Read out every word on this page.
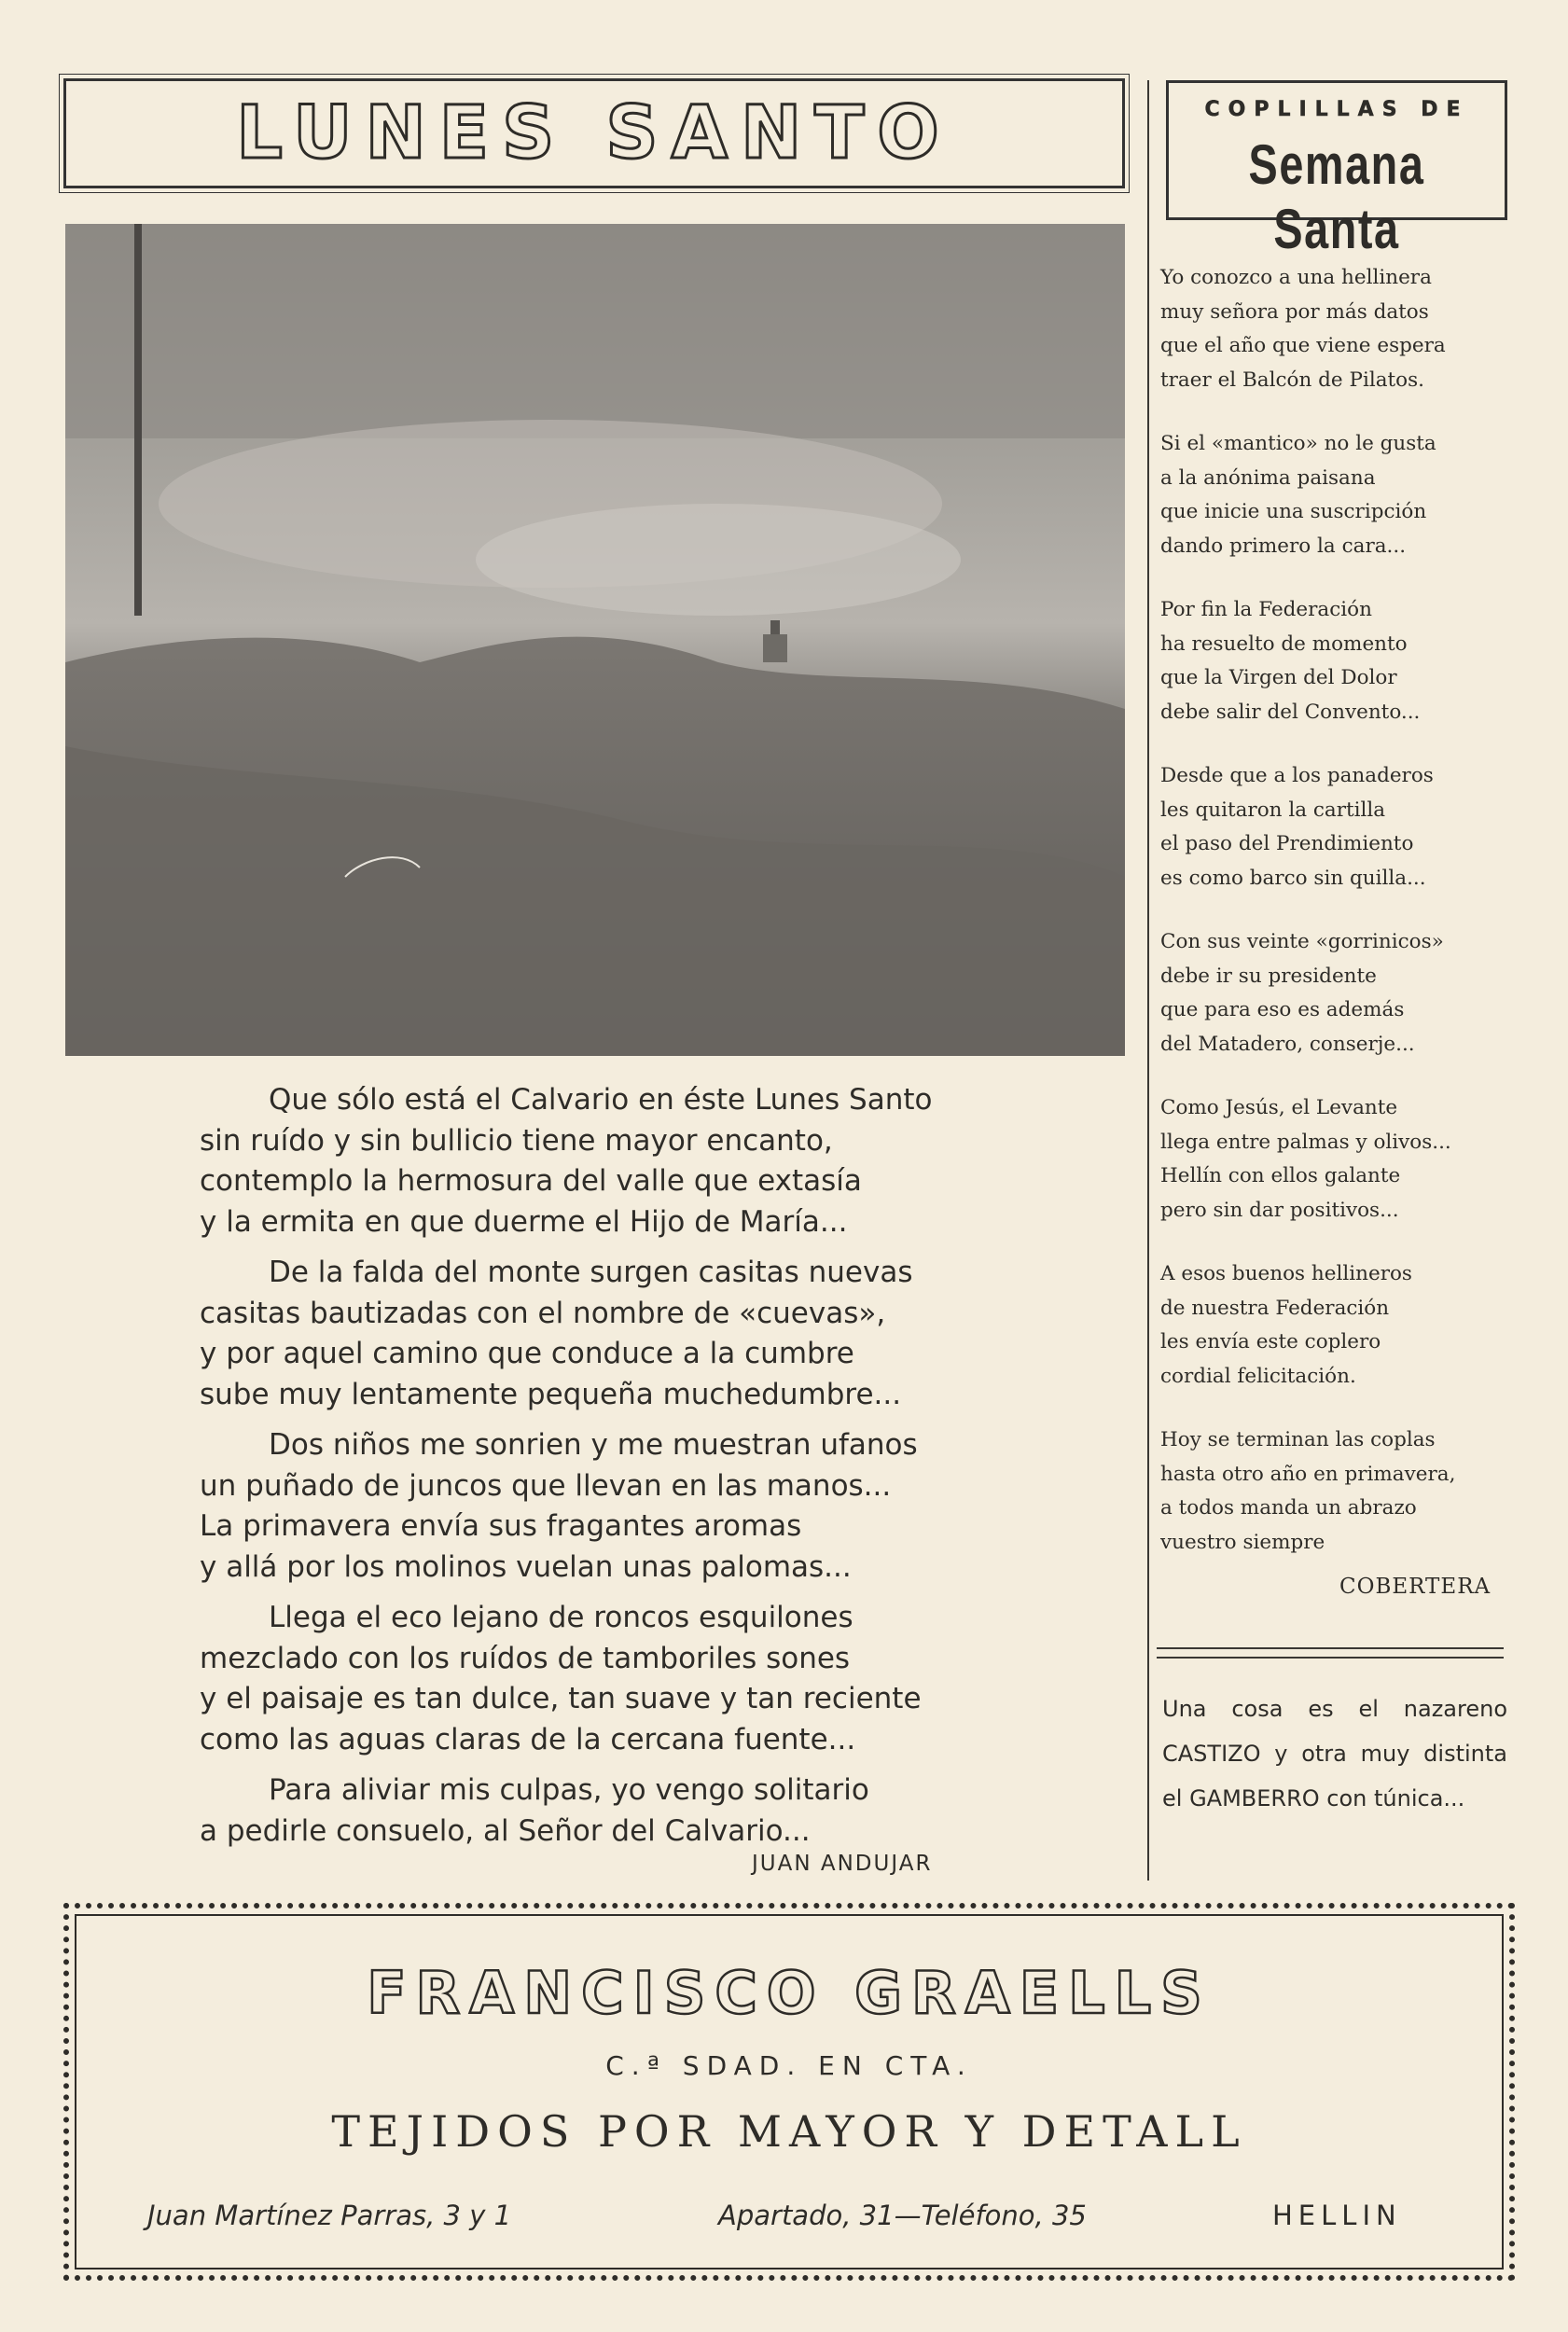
LUNES SANTO	COPLILLAS DE
Semana Santa
Que sólo está el Calvario en éste Lunes Santo
sin ruído y sin bullicio tiene mayor encanto,
contemplo la hermosura del valle que extasía
y la ermita en que duerme el Hijo de María...
De la falda del monte surgen casitas nuevas
casitas bautizadas con el nombre de «cuevas»,
y por aquel camino que conduce a la cumbre
sube muy lentamente pequeña muchedumbre...
Dos niños me sonrien y me muestran ufanos
un puñado de juncos que llevan en las manos...
La primavera envía sus fragantes aromas
y allá por los molinos vuelan unas palomas...
Llega el eco lejano de roncos esquilones
mezclado con los ruídos de tamboriles sones
y el paisaje es tan dulce, tan suave y tan reciente
como las aguas claras de la cercana fuente...
Para aliviar mis culpas, yo vengo solitario
a pedirle consuelo, al Señor del Calvario...
JUAN ANDUJAR
Yo conozco a una hellinera
muy señora por más datos
que el año que viene espera
traer el Balcón de Pilatos.
Si el «mantico» no le gusta
a la anónima paisana
que inicie una suscripción
dando primero la cara...
Por fin la Federación
ha resuelto de momento
que la Virgen del Dolor
debe salir del Convento...
Desde que a los panaderos
les quitaron la cartilla
el paso del Prendimiento
es como barco sin quilla...
Con sus veinte «gorrinicos»
debe ir su presidente
que para eso es además
del Matadero, conserje...
Como Jesús, el Levante
llega entre palmas y olivos...
Hellín con ellos galante
pero sin dar positivos...
A esos buenos hellineros
de nuestra Federación
les envía este coplero
cordial felicitación.
Hoy se terminan las coplas
hasta otro año en primavera,
a todos manda un abrazo
vuestro siempre
COBERTERA
Una cosa es el nazareno CASTIZO y otra muy distinta el GAMBERRO con túnica...
FRANCISCO GRAELLS
C.ª SDAD. EN CTA.
TEJIDOS POR MAYOR Y DETALL
Juan Martínez Parras, 3 y 1	Apartado, 31—Teléfono, 35	HELLIN
